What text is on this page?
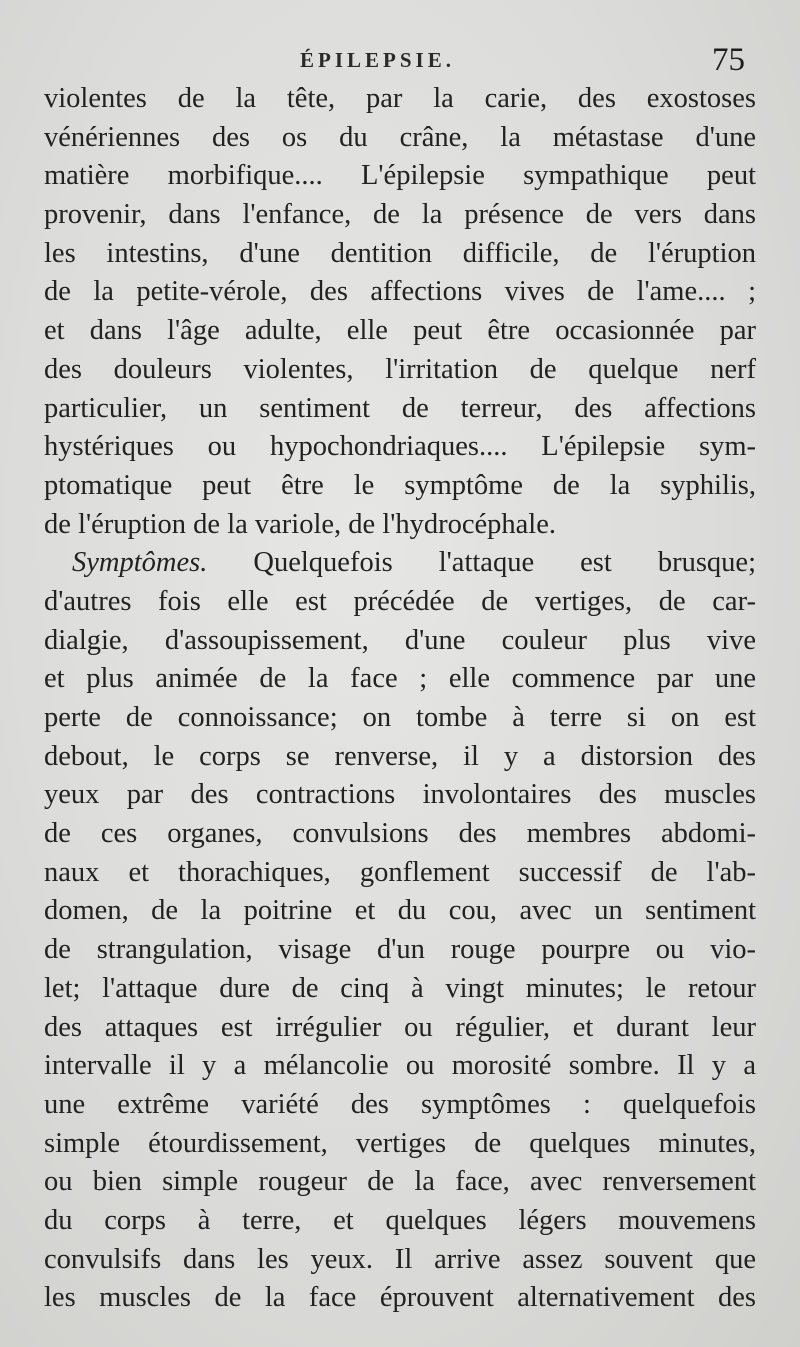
ÉPILEPSIE.	75
violentes de la tête, par la carie, des exostoses
vénériennes des os du crâne, la métastase d'une
matière morbifique.... L'épilepsie sympathique peut
provenir, dans l'enfance, de la présence de vers dans
les intestins, d'une dentition difficile, de l'éruption
de la petite-vérole, des affections vives de l'ame.... ;
et dans l'âge adulte, elle peut être occasionnée par
des douleurs violentes, l'irritation de quelque nerf
particulier, un sentiment de terreur, des affections
hystériques ou hypochondriaques.... L'épilepsie sym-
ptomatique peut être le symptôme de la syphilis,
de l'éruption de la variole, de l'hydrocéphale.
Symptômes. Quelquefois l'attaque est brusque;
d'autres fois elle est précédée de vertiges, de car-
dialgie, d'assoupissement, d'une couleur plus vive
et plus animée de la face ; elle commence par une
perte de connoissance; on tombe à terre si on est
debout, le corps se renverse, il y a distorsion des
yeux par des contractions involontaires des muscles
de ces organes, convulsions des membres abdomi-
naux et thorachiques, gonflement successif de l'ab-
domen, de la poitrine et du cou, avec un sentiment
de strangulation, visage d'un rouge pourpre ou vio-
let; l'attaque dure de cinq à vingt minutes; le retour
des attaques est irrégulier ou régulier, et durant leur
intervalle il y a mélancolie ou morosité sombre. Il y a
une extrême variété des symptômes : quelquefois
simple étourdissement, vertiges de quelques minutes,
ou bien simple rougeur de la face, avec renversement
du corps à terre, et quelques légers mouvemens
convulsifs dans les yeux. Il arrive assez souvent que
les muscles de la face éprouvent alternativement des
